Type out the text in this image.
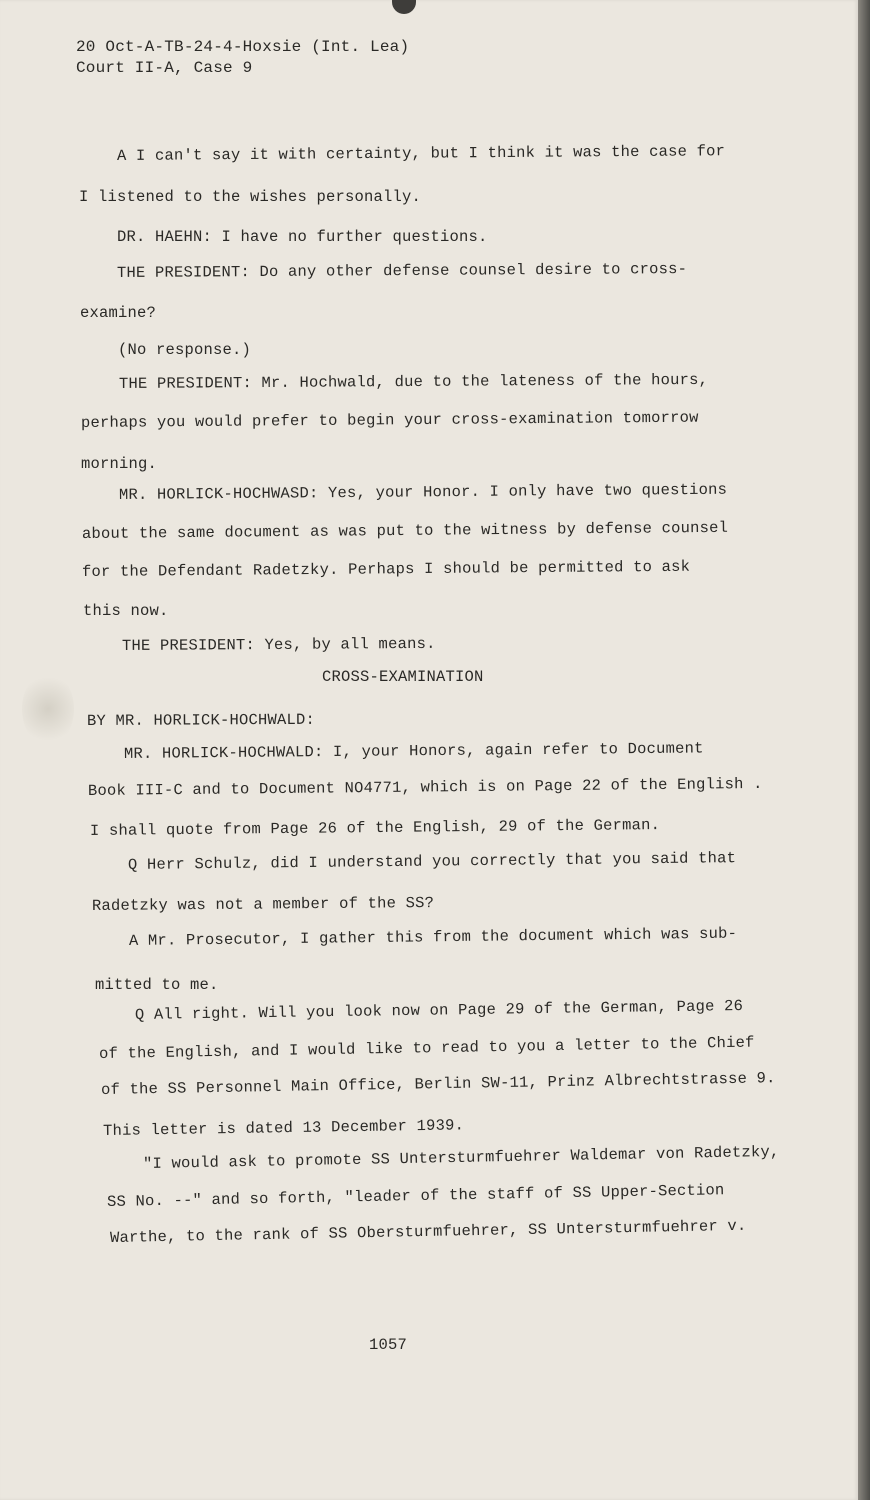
20 Oct-A-TB-24-4-Hoxsie (Int. Lea)

Court II-A, Case 9

A I can't say it with certainty, but I think it was the case for

I listened to the wishes personally.

DR. HAEHN: I have no further questions.

THE PRESIDENT: Do any other defense counsel desire to cross-

examine?

(No response.)

THE PRESIDENT: Mr. Hochwald, due to the lateness of the hours,

perhaps you would prefer to begin your cross-examination tomorrow

morning.

MR. HORLICK-HOCHWASD: Yes, your Honor. I only have two questions

about the same document as was put to the witness by defense counsel

for the Defendant Radetzky. Perhaps I should be permitted to ask

this now.

THE PRESIDENT: Yes, by all means.

CROSS-EXAMINATION

BY MR. HORLICK-HOCHWALD:

MR. HORLICK-HOCHWALD: I, your Honors, again refer to Document

Book III-C and to Document NO4771, which is on Page 22 of the English .

I shall quote from Page 26 of the English, 29 of the German.

Q Herr Schulz, did I understand you correctly that you said that

Radetzky was not a member of the SS?

A Mr. Prosecutor, I gather this from the document which was sub-

mitted to me.

Q All right. Will you look now on Page 29 of the German, Page 26

of the English, and I would like to read to you a letter to the Chief

of the SS Personnel Main Office, Berlin SW-11, Prinz Albrechtstrasse 9.

This letter is dated 13 December 1939.

"I would ask to promote SS Untersturmfuehrer Waldemar von Radetzky,

SS No. --" and so forth, "leader of the staff of SS Upper-Section

Warthe, to the rank of SS Obersturmfuehrer, SS Untersturmfuehrer v.

1057
